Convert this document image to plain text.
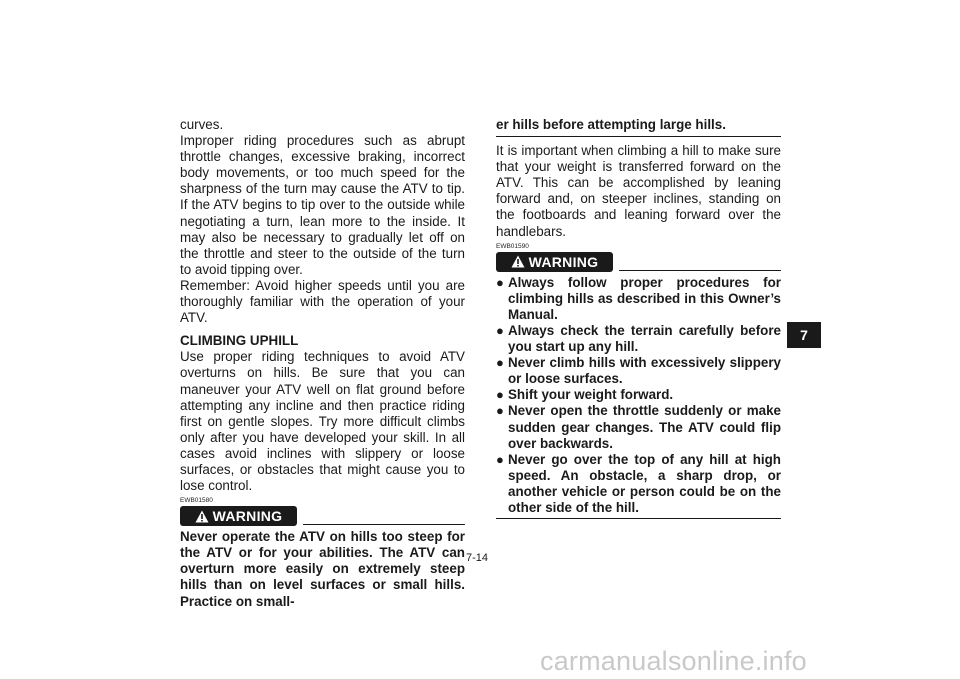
curves.

Improper riding procedures such as abrupt throttle changes, excessive braking, incorrect body movements, or too much speed for the sharpness of the turn may cause the ATV to tip. If the ATV begins to tip over to the outside while negotiating a turn, lean more to the inside. It may also be necessary to gradually let off on the throttle and steer to the outside of the turn to avoid tipping over.

Remember: Avoid higher speeds until you are thoroughly familiar with the operation of your ATV.

CLIMBING UPHILL

Use proper riding techniques to avoid ATV overturns on hills. Be sure that you can maneuver your ATV well on flat ground before attempting any incline and then practice riding first on gentle slopes. Try more difficult climbs only after you have developed your skill. In all cases avoid inclines with slippery or loose surfaces, or obstacles that might cause you to lose control.

EWB01580
WARNING

Never operate the ATV on hills too steep for the ATV or for your abilities. The ATV can overturn more easily on extremely steep hills than on level surfaces or small hills. Practice on small-

er hills before attempting large hills.

It is important when climbing a hill to make sure that your weight is transferred forward on the ATV. This can be accomplished by leaning forward and, on steeper inclines, standing on the footboards and leaning forward over the handlebars.

EWB01590
WARNING
● Always follow proper procedures for climbing hills as described in this Owner’s Manual.
● Always check the terrain carefully before you start up any hill.
● Never climb hills with excessively slippery or loose surfaces.
● Shift your weight forward.
● Never open the throttle suddenly or make sudden gear changes. The ATV could flip over backwards.
● Never go over the top of any hill at high speed. An obstacle, a sharp drop, or another vehicle or person could be on the other side of the hill.
7-14
7
carmanualsonline.info
